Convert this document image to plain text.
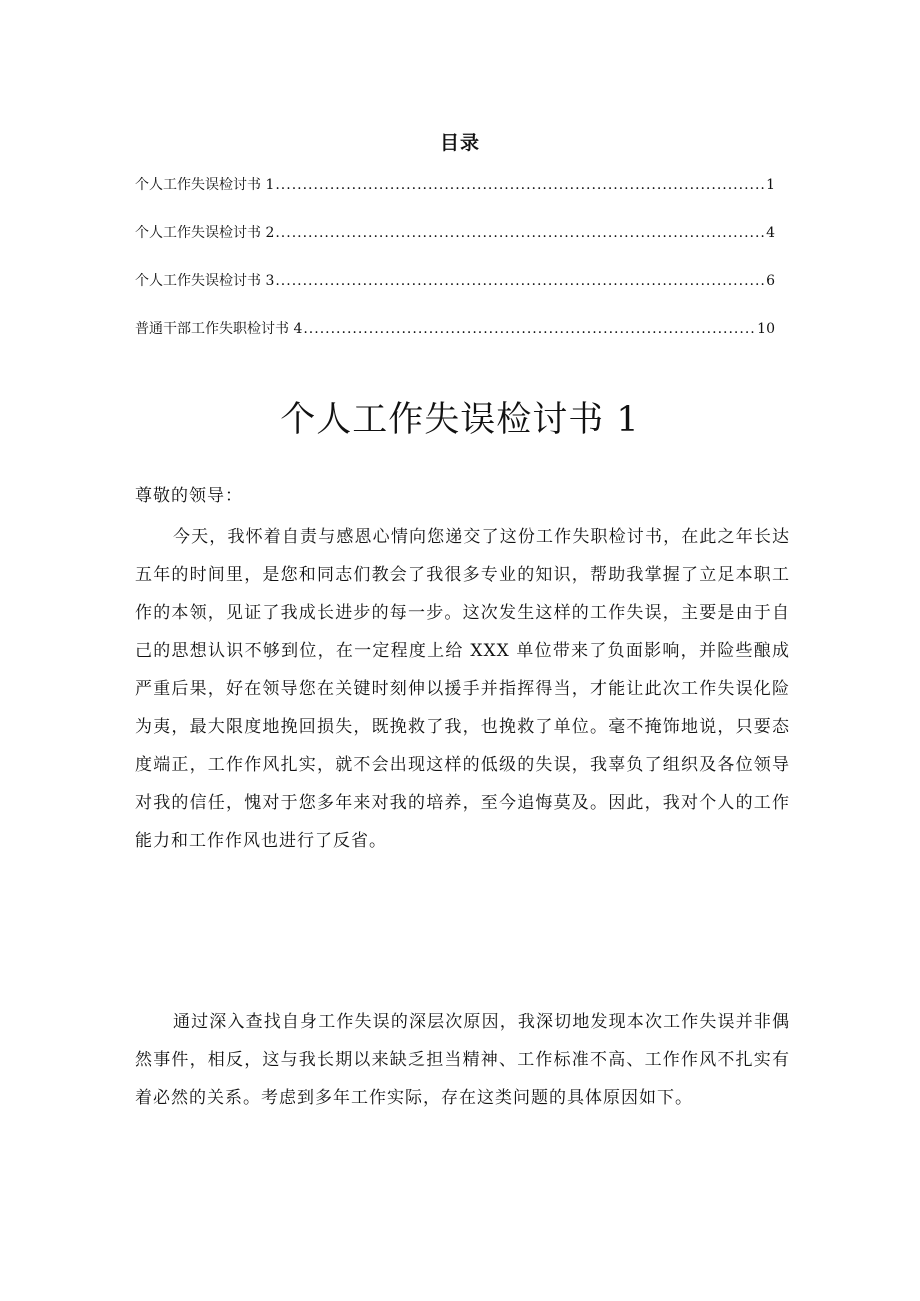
目录
个人工作失误检讨书 1 .....	1
个人工作失误检讨书 2 .....	4
个人工作失误检讨书 3 .....	6
普通干部工作失职检讨书 4 .....	10
个人工作失误检讨书 1
尊敬的领导：

今天，我怀着自责与感恩心情向您递交了这份工作失职检讨书，在此之年长达五年的时间里，是您和同志们教会了我很多专业的知识，帮助我掌握了立足本职工作的本领，见证了我成长进步的每一步。这次发生这样的工作失误，主要是由于自己的思想认识不够到位，在一定程度上给 XXX 单位带来了负面影响，并险些酿成严重后果，好在领导您在关键时刻伸以援手并指挥得当，才能让此次工作失误化险为夷，最大限度地挽回损失，既挽救了我，也挽救了单位。毫不掩饰地说，只要态度端正，工作作风扎实，就不会出现这样的低级的失误，我辜负了组织及各位领导对我的信任，愧对于您多年来对我的培养，至今追悔莫及。因此，我对个人的工作能力和工作作风也进行了反省。

通过深入查找自身工作失误的深层次原因，我深切地发现本次工作失误并非偶然事件，相反，这与我长期以来缺乏担当精神、工作标准不高、工作作风不扎实有着必然的关系。考虑到多年工作实际，存在这类问题的具体原因如下。
